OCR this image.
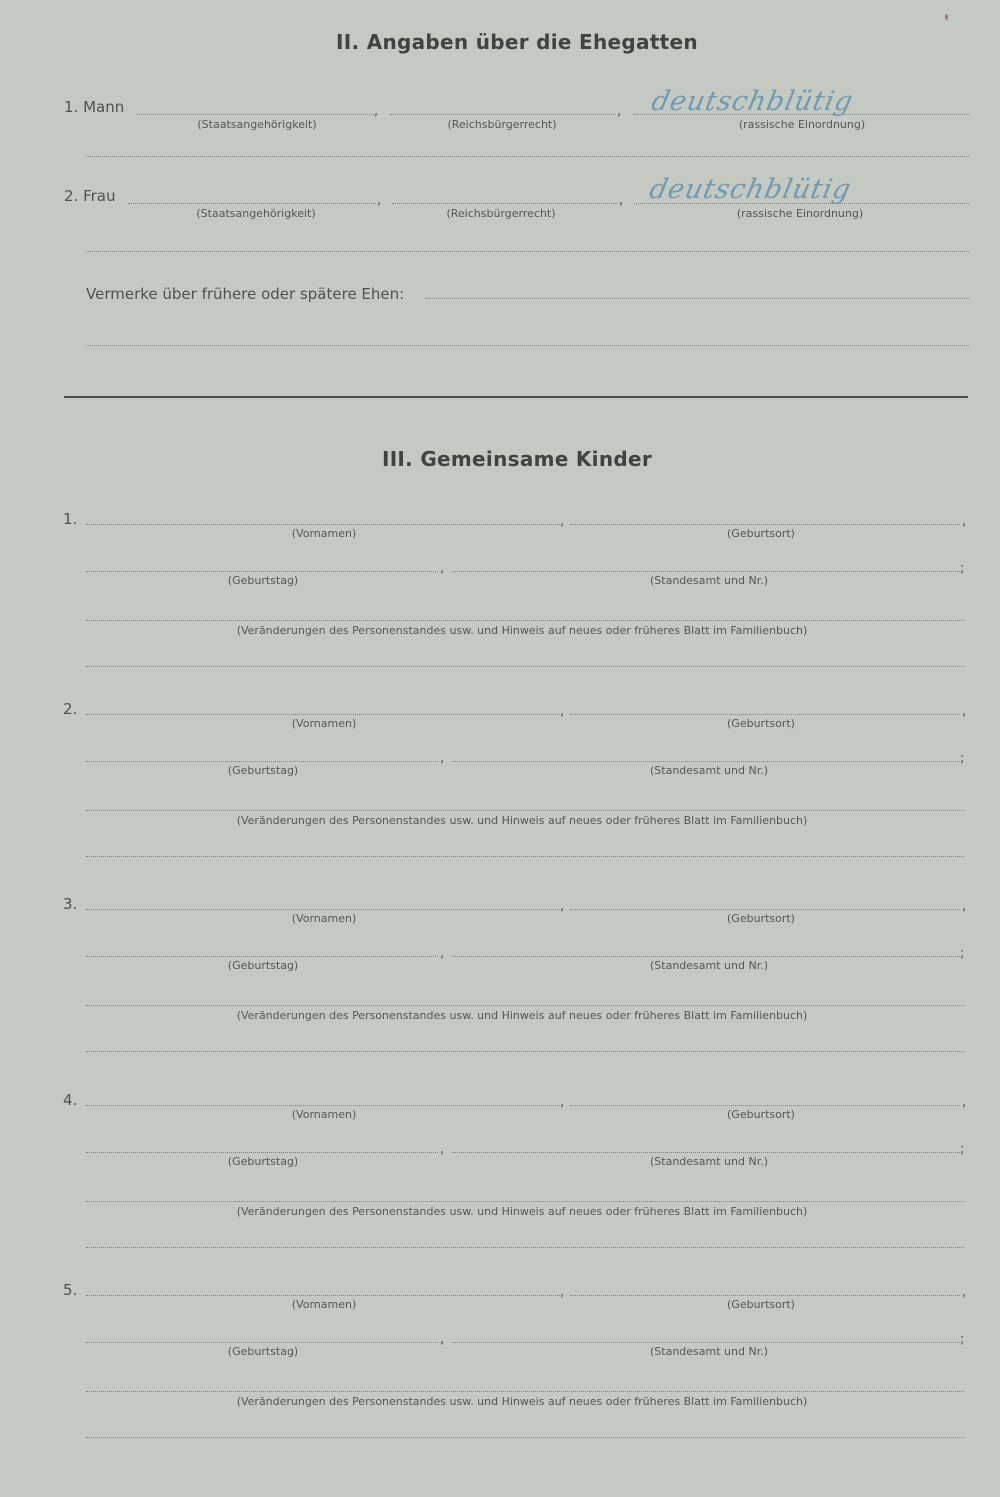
II. Angaben über die Ehegatten
1. Mann	,	,
(Staatsangehörigkeit)	(Reichsbürgerrecht)	(rassische Einordnung)
deutschblütig
2. Frau	,	,
(Staatsangehörigkeit)	(Reichsbürgerrecht)	(rassische Einordnung)
deutschblütig
Vermerke über frühere oder spätere Ehen:
III. Gemeinsame Kinder
1.	,	,
(Vornamen)	(Geburtsort)
,	;
(Geburtstag)	(Standesamt und Nr.)
(Veränderungen des Personenstandes usw. und Hinweis auf neues oder früheres Blatt im Familienbuch)
2.	,	,
(Vornamen)	(Geburtsort)
,	;
(Geburtstag)	(Standesamt und Nr.)
(Veränderungen des Personenstandes usw. und Hinweis auf neues oder früheres Blatt im Familienbuch)
3.	,	,
(Vornamen)	(Geburtsort)
,	;
(Geburtstag)	(Standesamt und Nr.)
(Veränderungen des Personenstandes usw. und Hinweis auf neues oder früheres Blatt im Familienbuch)
4.	,	,
(Vornamen)	(Geburtsort)
,	;
(Geburtstag)	(Standesamt und Nr.)
(Veränderungen des Personenstandes usw. und Hinweis auf neues oder früheres Blatt im Familienbuch)
5.	,	,
(Vornamen)	(Geburtsort)
,	;
(Geburtstag)	(Standesamt und Nr.)
(Veränderungen des Personenstandes usw. und Hinweis auf neues oder früheres Blatt im Familienbuch)
